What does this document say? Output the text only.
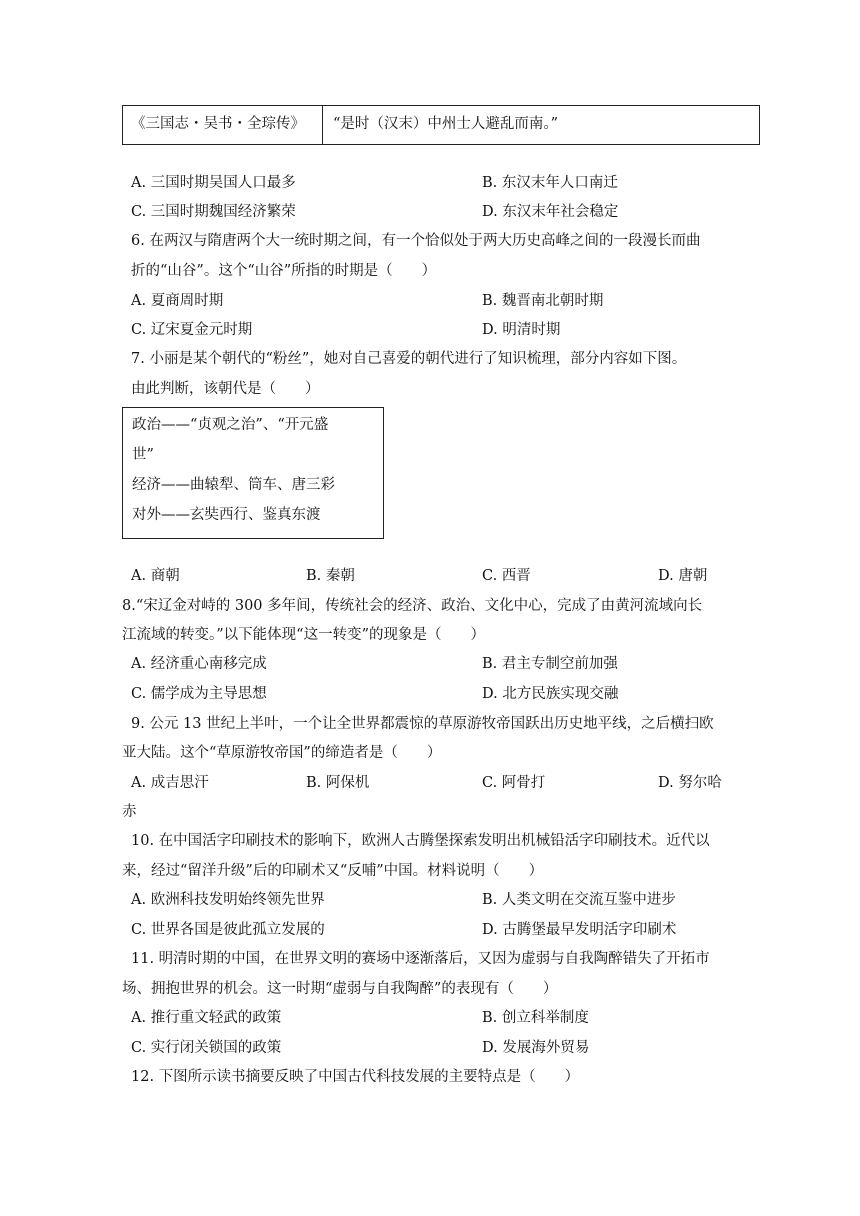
《三国志・吴书・全琮传》	“是时（汉末）中州士人避乱而南。”
A. 三国时期吴国人口最多	B. 东汉末年人口南迁
C. 三国时期魏国经济繁荣	D. 东汉末年社会稳定
6. 在两汉与隋唐两个大一统时期之间，有一个恰似处于两大历史高峰之间的一段漫长而曲
折的“山谷”。这个“山谷”所指的时期是（　　）
A. 夏商周时期	B. 魏晋南北朝时期
C. 辽宋夏金元时期	D. 明清时期
7. 小丽是某个朝代的“粉丝”，她对自己喜爱的朝代进行了知识梳理，部分内容如下图。
由此判断，该朝代是（　　）
政治——“贞观之治”、“开元盛
世”
经济——曲辕犁、筒车、唐三彩
对外——玄奘西行、鉴真东渡
A. 商朝	B. 秦朝	C. 西晋	D. 唐朝
8.“宋辽金对峙的 300 多年间，传统社会的经济、政治、文化中心，完成了由黄河流域向长
江流域的转变。”以下能体现“这一转变”的现象是（　　）
A. 经济重心南移完成	B. 君主专制空前加强
C. 儒学成为主导思想	D. 北方民族实现交融
9. 公元 13 世纪上半叶，一个让全世界都震惊的草原游牧帝国跃出历史地平线，之后横扫欧
亚大陆。这个“草原游牧帝国”的缔造者是（　　）
A. 成吉思汗	B. 阿保机	C. 阿骨打	D. 努尔哈
赤
10. 在中国活字印刷技术的影响下，欧洲人古腾堡探索发明出机械铅活字印刷技术。近代以
来，经过“留洋升级”后的印刷术又“反哺”中国。材料说明（　　）
A. 欧洲科技发明始终领先世界	B. 人类文明在交流互鉴中进步
C. 世界各国是彼此孤立发展的	D. 古腾堡最早发明活字印刷术
11. 明清时期的中国，在世界文明的赛场中逐渐落后，又因为虚弱与自我陶醉错失了开拓市
场、拥抱世界的机会。这一时期“虚弱与自我陶醉”的表现有（　　）
A. 推行重文轻武的政策	B. 创立科举制度
C. 实行闭关锁国的政策	D. 发展海外贸易
12. 下图所示读书摘要反映了中国古代科技发展的主要特点是（　　）
